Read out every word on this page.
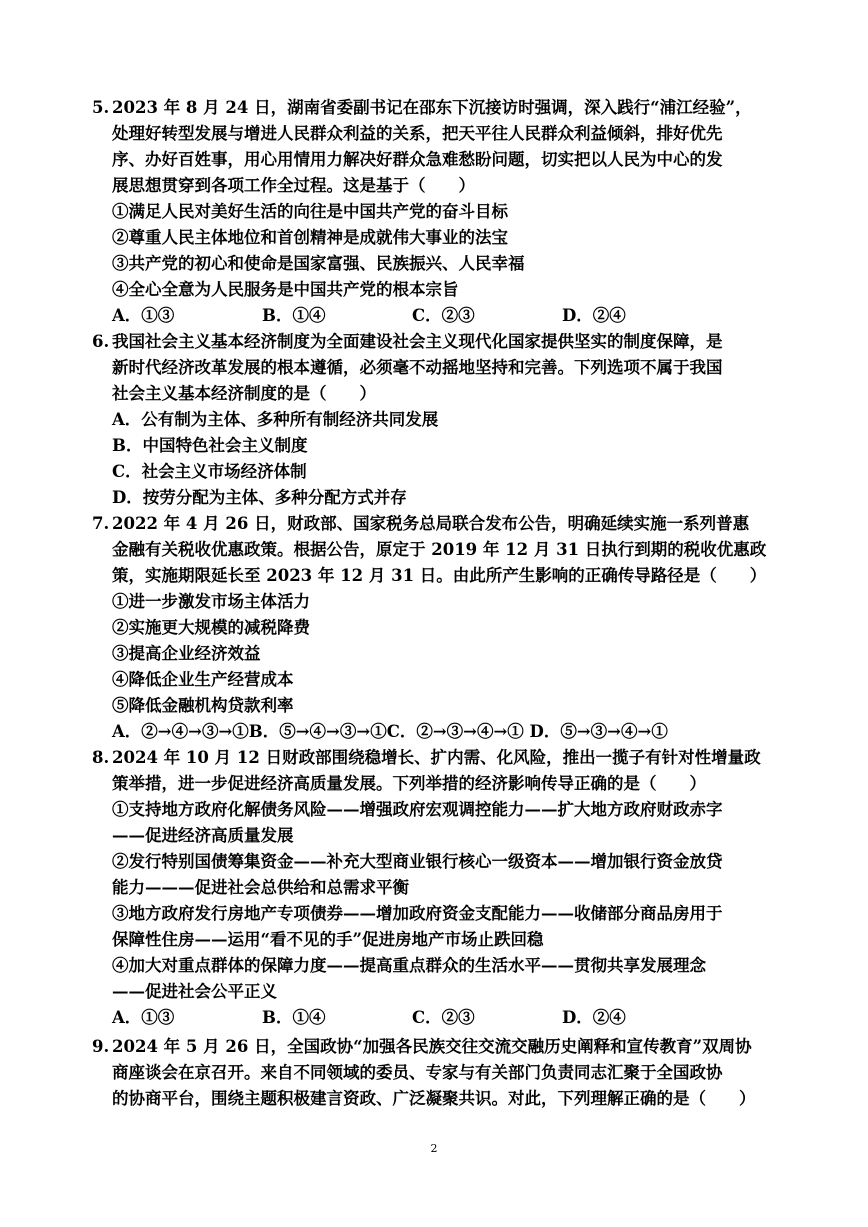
5. 2023 年 8 月 24 日，湖南省委副书记在邵东下沉接访时强调，深入践行“浦江经验”，
处理好转型发展与增进人民群众利益的关系，把天平往人民群众利益倾斜，排好优先
序、办好百姓事，用心用情用力解决好群众急难愁盼问题，切实把以人民为中心的发
展思想贯穿到各项工作全过程。这是基于（　　）
①满足人民对美好生活的向往是中国共产党的奋斗目标
②尊重人民主体地位和首创精神是成就伟大事业的法宝
③共产党的初心和使命是国家富强、民族振兴、人民幸福
④全心全意为人民服务是中国共产党的根本宗旨
A．①③	B．①④	C．②③	D．②④
6. 我国社会主义基本经济制度为全面建设社会主义现代化国家提供坚实的制度保障，是
新时代经济改革发展的根本遵循，必须毫不动摇地坚持和完善。下列选项不属于我国
社会主义基本经济制度的是（　　）
A．公有制为主体、多种所有制经济共同发展
B．中国特色社会主义制度
C．社会主义市场经济体制
D．按劳分配为主体、多种分配方式并存
7. 2022 年 4 月 26 日，财政部、国家税务总局联合发布公告，明确延续实施一系列普惠
金融有关税收优惠政策。根据公告，原定于 2019 年 12 月 31 日执行到期的税收优惠政
策，实施期限延长至 2023 年 12 月 31 日。由此所产生影响的正确传导路径是（　　）
①进一步激发市场主体活力
②实施更大规模的减税降费
③提高企业经济效益
④降低企业生产经营成本
⑤降低金融机构贷款利率
A．②→④→③→①B．⑤→④→③→①C．②→③→④→① D．⑤→③→④→①
8. 2024 年 10 月 12 日财政部围绕稳增长、扩内需、化风险，推出一揽子有针对性增量政
策举措，进一步促进经济高质量发展。下列举措的经济影响传导正确的是（　　）
①支持地方政府化解债务风险——增强政府宏观调控能力——扩大地方政府财政赤字
——促进经济高质量发展
②发行特别国债筹集资金——补充大型商业银行核心一级资本——增加银行资金放贷
能力———促进社会总供给和总需求平衡
③地方政府发行房地产专项债券——增加政府资金支配能力——收储部分商品房用于
保障性住房——运用“看不见的手”促进房地产市场止跌回稳
④加大对重点群体的保障力度——提高重点群众的生活水平——贯彻共享发展理念
——促进社会公平正义
A．①③	B．①④	C．②③	D．②④
9. 2024 年 5 月 26 日，全国政协“加强各民族交往交流交融历史阐释和宣传教育”双周协
商座谈会在京召开。来自不同领域的委员、专家与有关部门负责同志汇聚于全国政协
的协商平台，围绕主题积极建言资政、广泛凝聚共识。对此，下列理解正确的是（　　）
2
